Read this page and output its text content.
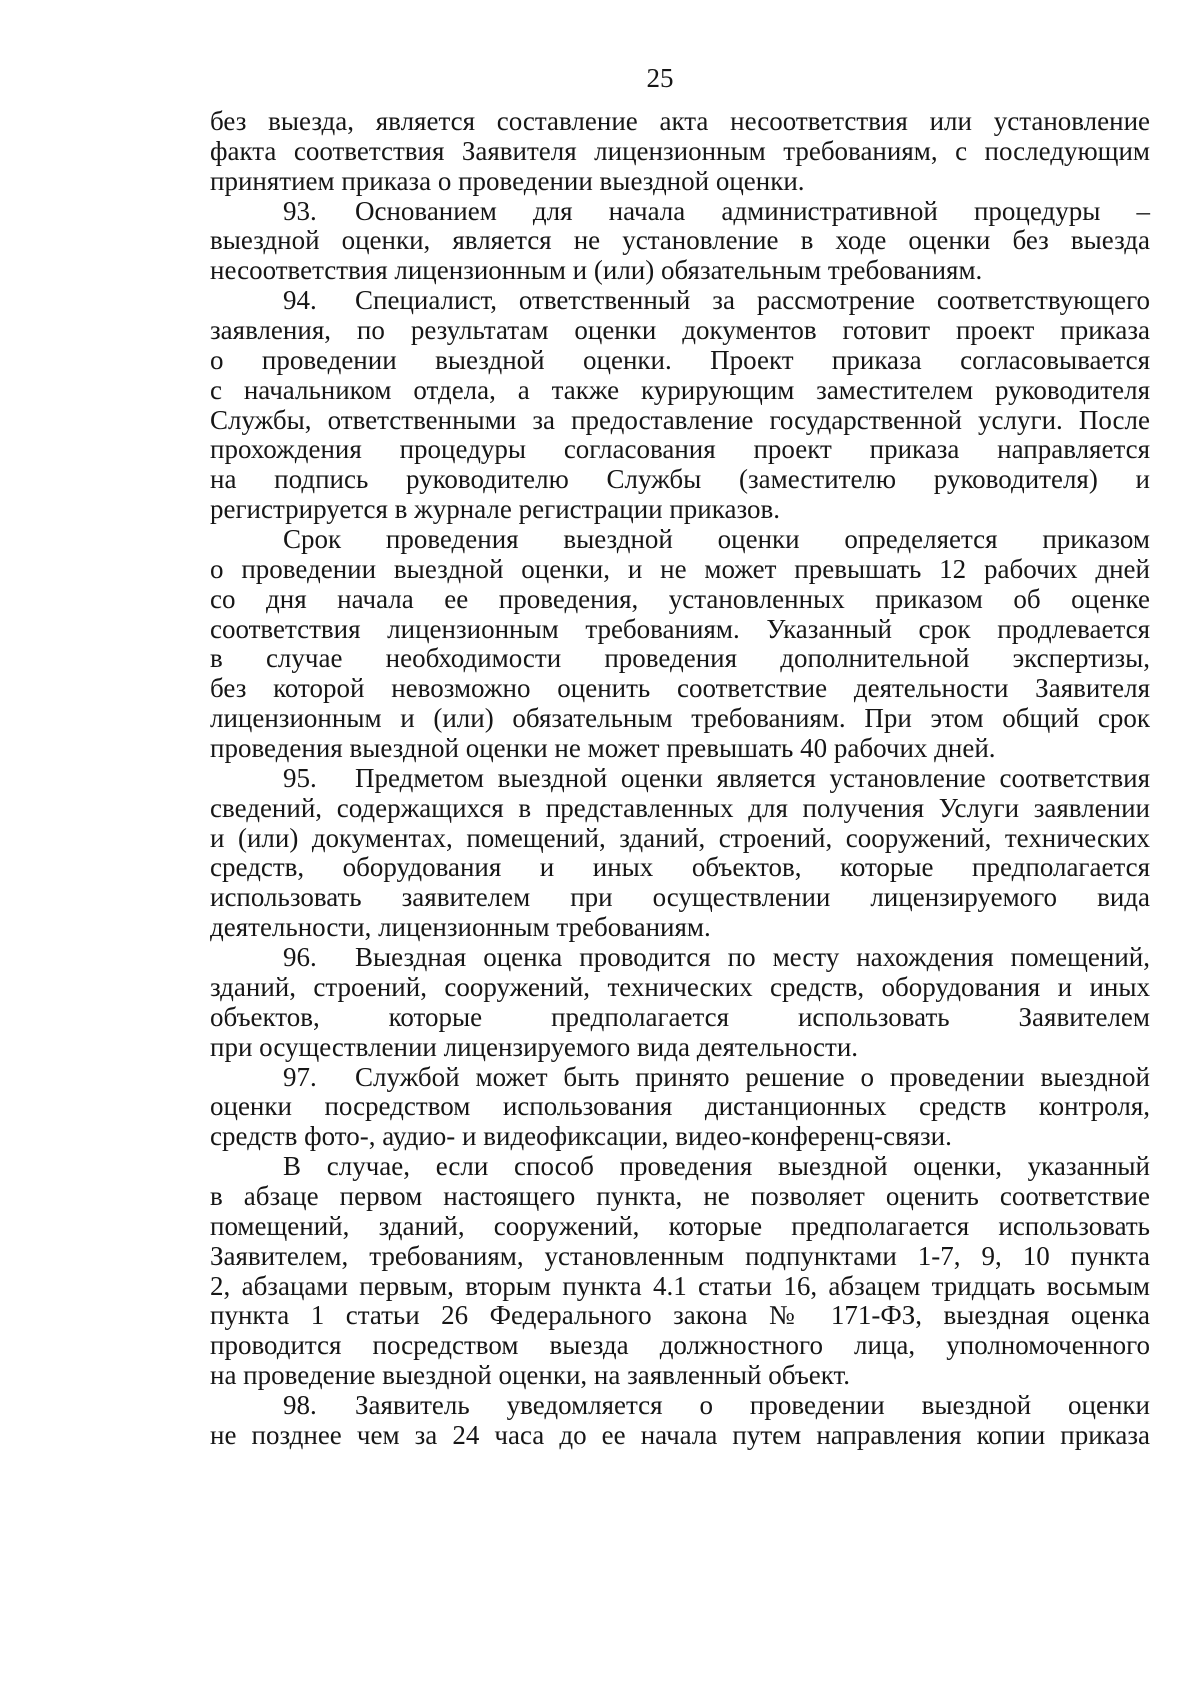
25
без выезда, является составление акта несоответствия или установление
факта соответствия Заявителя лицензионным требованиям, с последующим
принятием приказа о проведении выездной оценки.
93. Основанием для начала административной процедуры –
выездной оценки, является не установление в ходе оценки без выезда
несоответствия лицензионным и (или) обязательным требованиям.
94. Специалист, ответственный за рассмотрение соответствующего
заявления, по результатам оценки документов готовит проект приказа
о проведении выездной оценки. Проект приказа согласовывается
с начальником отдела, а также курирующим заместителем руководителя
Службы, ответственными за предоставление государственной услуги. После
прохождения процедуры согласования проект приказа направляется
на подпись руководителю Службы (заместителю руководителя) и
регистрируется в журнале регистрации приказов.
Срок проведения выездной оценки определяется приказом
о проведении выездной оценки, и не может превышать 12 рабочих дней
со дня начала ее проведения, установленных приказом об оценке
соответствия лицензионным требованиям. Указанный срок продлевается
в случае необходимости проведения дополнительной экспертизы,
без которой невозможно оценить соответствие деятельности Заявителя
лицензионным и (или) обязательным требованиям. При этом общий срок
проведения выездной оценки не может превышать 40 рабочих дней.
95. Предметом выездной оценки является установление соответствия
сведений, содержащихся в представленных для получения Услуги заявлении
и (или) документах, помещений, зданий, строений, сооружений, технических
средств, оборудования и иных объектов, которые предполагается
использовать заявителем при осуществлении лицензируемого вида
деятельности, лицензионным требованиям.
96. Выездная оценка проводится по месту нахождения помещений,
зданий, строений, сооружений, технических средств, оборудования и иных
объектов, которые предполагается использовать Заявителем
при осуществлении лицензируемого вида деятельности.
97. Службой может быть принято решение о проведении выездной
оценки посредством использования дистанционных средств контроля,
средств фото-, аудио- и видеофиксации, видео-конференц-связи.
В случае, если способ проведения выездной оценки, указанный
в абзаце первом настоящего пункта, не позволяет оценить соответствие
помещений, зданий, сооружений, которые предполагается использовать
Заявителем, требованиям, установленным подпунктами 1-7, 9, 10 пункта
2, абзацами первым, вторым пункта 4.1 статьи 16, абзацем тридцать восьмым
пункта 1 статьи 26 Федерального закона № 171-ФЗ, выездная оценка
проводится посредством выезда должностного лица, уполномоченного
на проведение выездной оценки, на заявленный объект.
98. Заявитель уведомляется о проведении выездной оценки
не позднее чем за 24 часа до ее начала путем направления копии приказа
